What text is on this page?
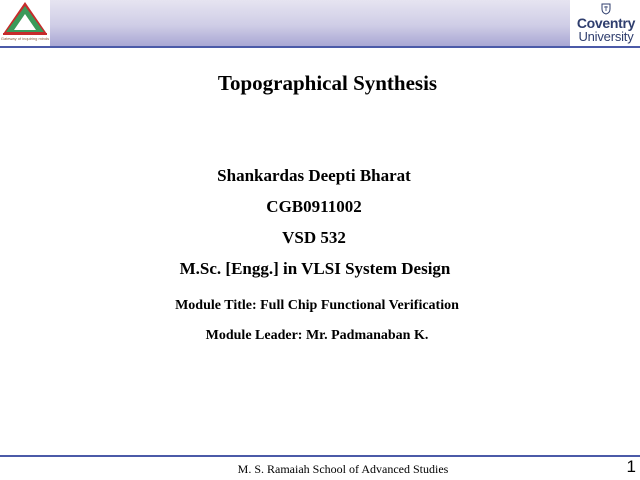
Gateway of inquiring minds
Coventry
University
Topographical Synthesis
Shankardas Deepti Bharat
CGB0911002
VSD 532
M.Sc. [Engg.] in VLSI System Design
Module Title: Full Chip Functional Verification
Module Leader: Mr. Padmanaban K.
M. S. Ramaiah School of Advanced Studies	1
